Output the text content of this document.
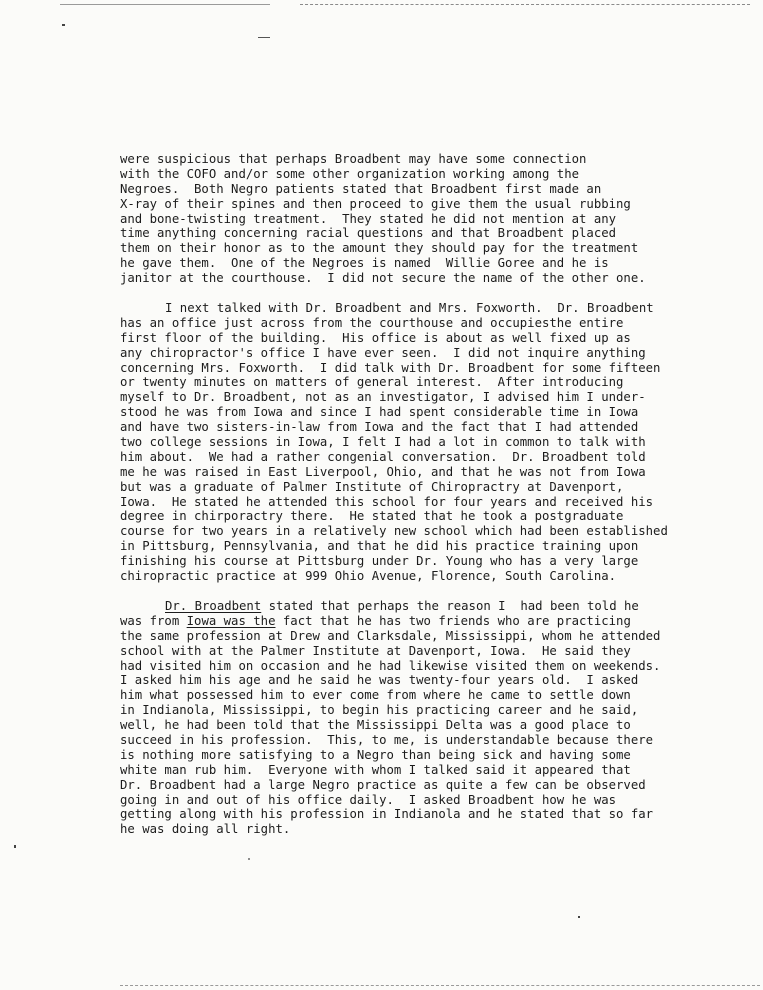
were suspicious that perhaps Broadbent may have some connection
with the COFO and/or some other organization working among the
Negroes.  Both Negro patients stated that Broadbent first made an
X-ray of their spines and then proceed to give them the usual rubbing
and bone-twisting treatment.  They stated he did not mention at any
time anything concerning racial questions and that Broadbent placed
them on their honor as to the amount they should pay for the treatment
he gave them.  One of the Negroes is named  Willie Goree and he is
janitor at the courthouse.  I did not secure the name of the other one.
I next talked with Dr. Broadbent and Mrs. Foxworth.  Dr. Broadbent
has an office just across from the courthouse and occupiesthe entire
first floor of the building.  His office is about as well fixed up as
any chiropractor's office I have ever seen.  I did not inquire anything
concerning Mrs. Foxworth.  I did talk with Dr. Broadbent for some fifteen
or twenty minutes on matters of general interest.  After introducing
myself to Dr. Broadbent, not as an investigator, I advised him I under-
stood he was from Iowa and since I had spent considerable time in Iowa
and have two sisters-in-law from Iowa and the fact that I had attended
two college sessions in Iowa, I felt I had a lot in common to talk with
him about.  We had a rather congenial conversation.  Dr. Broadbent told
me he was raised in East Liverpool, Ohio, and that he was not from Iowa
but was a graduate of Palmer Institute of Chiropractry at Davenport,
Iowa.  He stated he attended this school for four years and received his
degree in chirporactry there.  He stated that he took a postgraduate
course for two years in a relatively new school which had been established
in Pittsburg, Pennsylvania, and that he did his practice training upon
finishing his course at Pittsburg under Dr. Young who has a very large
chiropractic practice at 999 Ohio Avenue, Florence, South Carolina.
Dr. Broadbent stated that perhaps the reason I  had been told he
was from Iowa was the fact that he has two friends who are practicing
the same profession at Drew and Clarksdale, Mississippi, whom he attended
school with at the Palmer Institute at Davenport, Iowa.  He said they
had visited him on occasion and he had likewise visited them on weekends.
I asked him his age and he said he was twenty-four years old.  I asked
him what possessed him to ever come from where he came to settle down
in Indianola, Mississippi, to begin his practicing career and he said,
well, he had been told that the Mississippi Delta was a good place to
succeed in his profession.  This, to me, is understandable because there
is nothing more satisfying to a Negro than being sick and having some
white man rub him.  Everyone with whom I talked said it appeared that
Dr. Broadbent had a large Negro practice as quite a few can be observed
going in and out of his office daily.  I asked Broadbent how he was
getting along with his profession in Indianola and he stated that so far
he was doing all right.
